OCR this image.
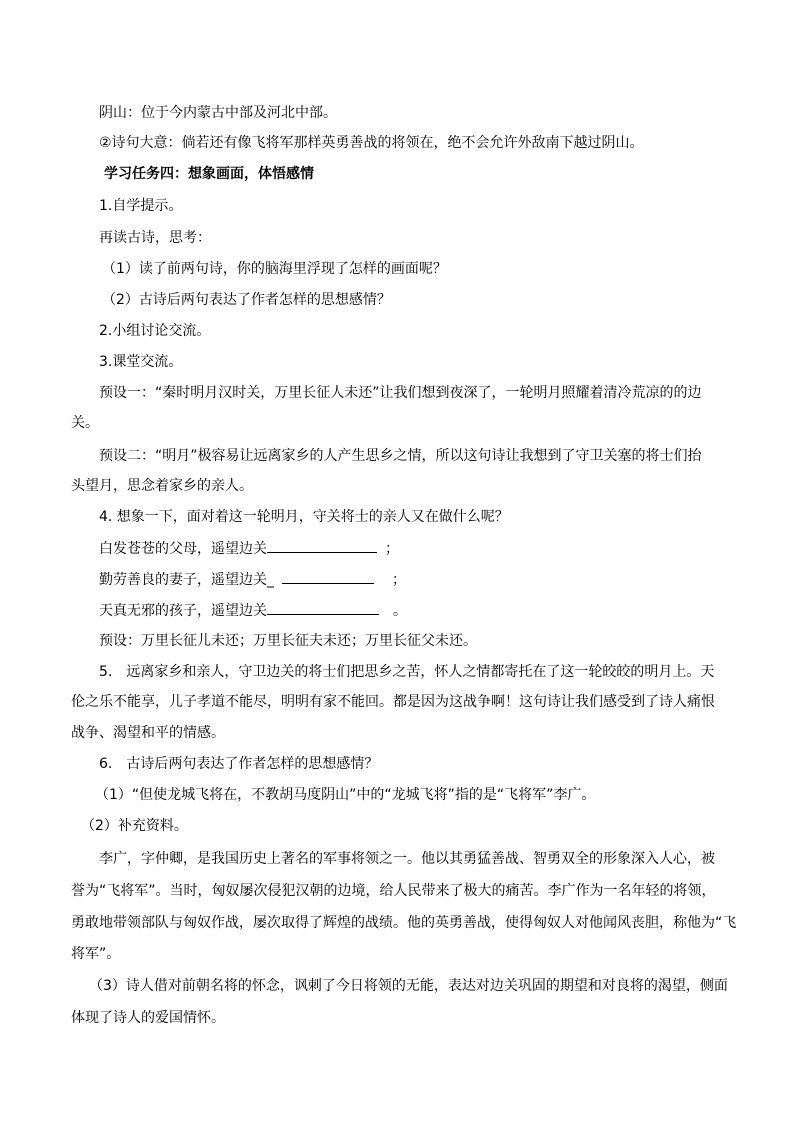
阴山：位于今内蒙古中部及河北中部。
②诗句大意：倘若还有像飞将军那样英勇善战的将领在，绝不会允许外敌南下越过阴山。
学习任务四：想象画面，体悟感情
1.自学提示。
再读古诗，思考：
（1）读了前两句诗，你的脑海里浮现了怎样的画面呢？
（2）古诗后两句表达了作者怎样的思想感情？
2.小组讨论交流。
3.课堂交流。
预设一：“秦时明月汉时关，万里长征人未还”让我们想到夜深了，一轮明月照耀着清冷荒凉的的边
关。
预设二：“明月”极容易让远离家乡的人产生思乡之情，所以这句诗让我想到了守卫关塞的将士们抬
头望月，思念着家乡的亲人。
4. 想象一下，面对着这一轮明月，守关将士的亲人又在做什么呢？
白发苍苍的父母，遥望边关	；
勤劳善良的妻子，遥望边关_	；
天真无邪的孩子，遥望边关	。
预设：万里长征儿未还；万里长征夫未还；万里长征父未还。
5.　远离家乡和亲人，守卫边关的将士们把思乡之苦，怀人之情都寄托在了这一轮皎皎的明月上。天
伦之乐不能享，儿子孝道不能尽，明明有家不能回。都是因为这战争啊！这句诗让我们感受到了诗人痛恨
战争、渴望和平的情感。
6.　古诗后两句表达了作者怎样的思想感情？
（1）“但使龙城飞将在，不教胡马度阴山”中的“龙城飞将”指的是“飞将军”李广。
（2）补充资料。
李广，字仲卿，是我国历史上著名的军事将领之一。他以其勇猛善战、智勇双全的形象深入人心，被
誉为“飞将军”。当时，匈奴屡次侵犯汉朝的边境，给人民带来了极大的痛苦。李广作为一名年轻的将领，
勇敢地带领部队与匈奴作战，屡次取得了辉煌的战绩。他的英勇善战，使得匈奴人对他闻风丧胆，称他为“飞
将军”。
（3）诗人借对前朝名将的怀念，讽刺了今日将领的无能，表达对边关巩固的期望和对良将的渴望，侧面
体现了诗人的爱国情怀。
